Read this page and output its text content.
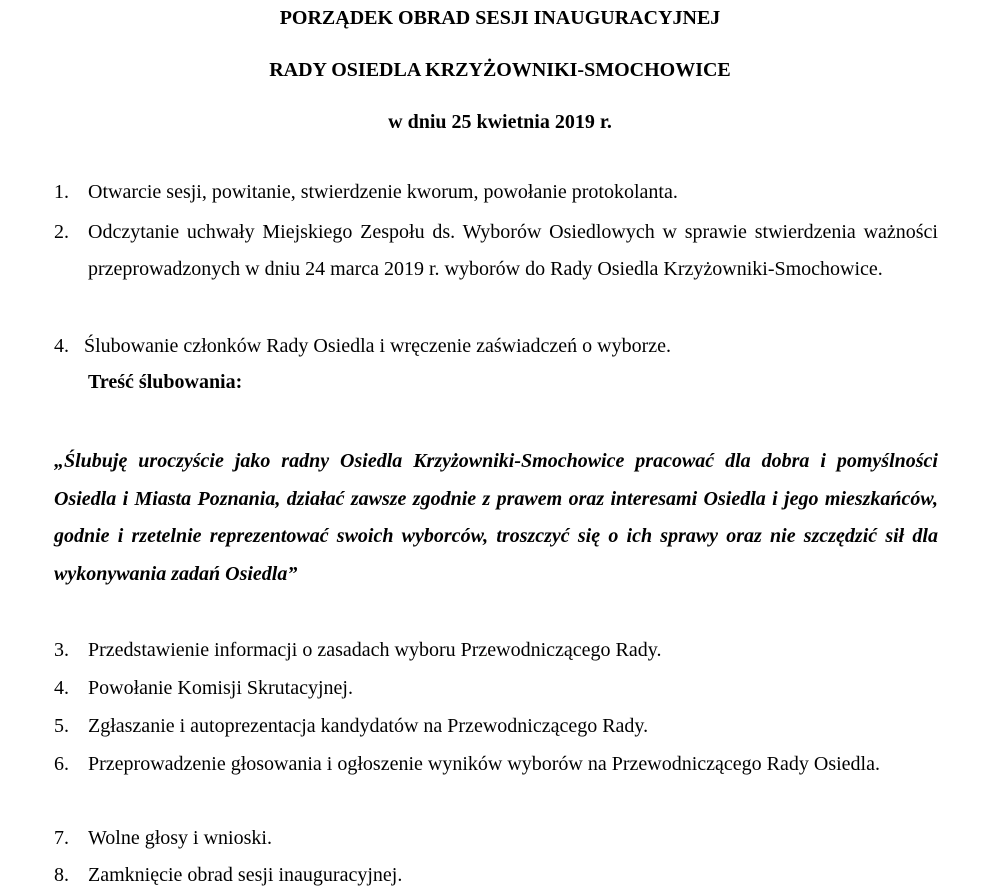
PORZĄDEK OBRAD SESJI INAUGURACYJNEJ
RADY OSIEDLA KRZYŻOWNIKI-SMOCHOWICE

w dniu 25 kwietnia 2019 r.

1. Otwarcie sesji, powitanie, stwierdzenie kworum, powołanie protokolanta.
2. Odczytanie uchwały Miejskiego Zespołu ds. Wyborów Osiedlowych w sprawie stwierdzenia ważności przeprowadzonych w dniu 24 marca 2019 r. wyborów do Rady Osiedla Krzyżowniki-Smochowice.
4. Ślubowanie członków Rady Osiedla i wręczenie zaświadczeń o wyborze.

Treść ślubowania:

„Ślubuję uroczyście jako radny Osiedla Krzyżowniki-Smochowice pracować dla dobra i pomyślności Osiedla i Miasta Poznania, działać zawsze zgodnie z prawem oraz interesami Osiedla i jego mieszkańców, godnie i rzetelnie reprezentować swoich wyborców, troszczyć się o ich sprawy oraz nie szczędzić sił dla wykonywania zadań Osiedla”

3. Przedstawienie informacji o zasadach wyboru Przewodniczącego Rady.
4. Powołanie Komisji Skrutacyjnej.
5. Zgłaszanie i autoprezentacja kandydatów na Przewodniczącego Rady.
6. Przeprowadzenie głosowania i ogłoszenie wyników wyborów na Przewodniczącego Rady Osiedla.
7. Wolne głosy i wnioski.
8. Zamknięcie obrad sesji inauguracyjnej.
